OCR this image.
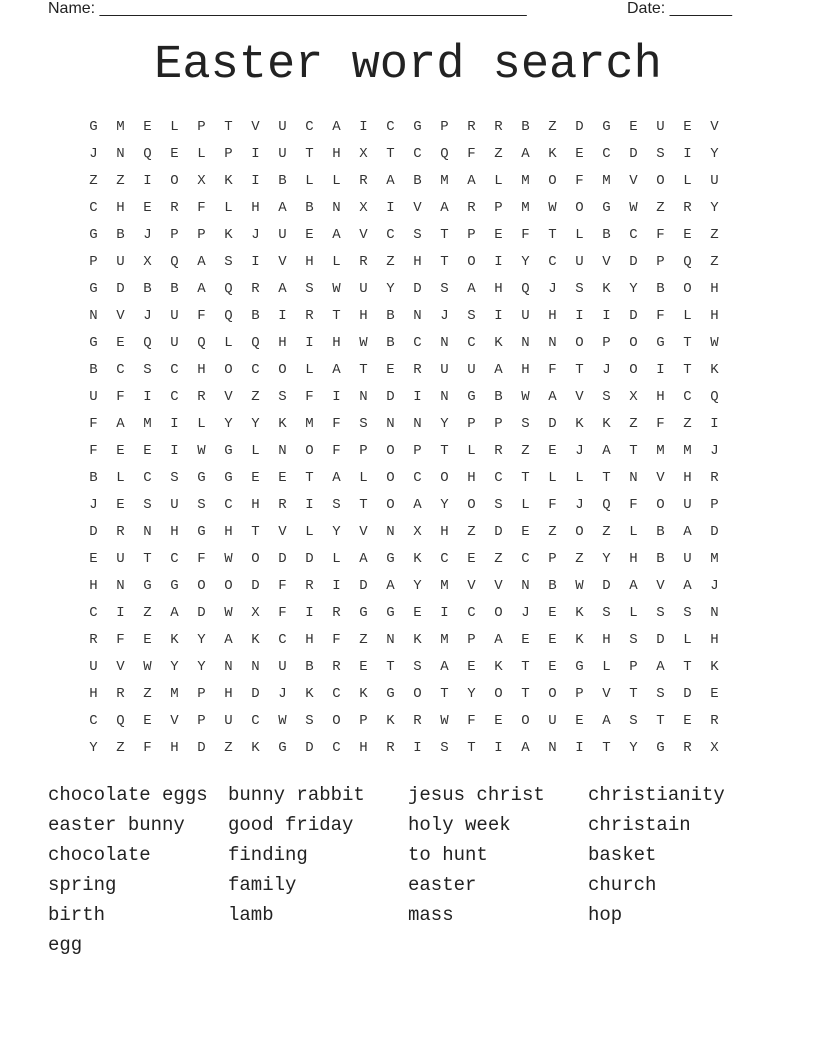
Name: ________________________________________________	Date: _______
Easter word search
G	M	E	L	P	T	V	U	C	A	I	C	G	P	R	R	B	Z	D	G	E	U	E	V
J	N	Q	E	L	P	I	U	T	H	X	T	C	Q	F	Z	A	K	E	C	D	S	I	Y
Z	Z	I	O	X	K	I	B	L	L	R	A	B	M	A	L	M	O	F	M	V	O	L	U
C	H	E	R	F	L	H	A	B	N	X	I	V	A	R	P	M	W	O	G	W	Z	R	Y
G	B	J	P	P	K	J	U	E	A	V	C	S	T	P	E	F	T	L	B	C	F	E	Z
P	U	X	Q	A	S	I	V	H	L	R	Z	H	T	O	I	Y	C	U	V	D	P	Q	Z
G	D	B	B	A	Q	R	A	S	W	U	Y	D	S	A	H	Q	J	S	K	Y	B	O	H
N	V	J	U	F	Q	B	I	R	T	H	B	N	J	S	I	U	H	I	I	D	F	L	H
G	E	Q	U	Q	L	Q	H	I	H	W	B	C	N	C	K	N	N	O	P	O	G	T	W
B	C	S	C	H	O	C	O	L	A	T	E	R	U	U	A	H	F	T	J	O	I	T	K
U	F	I	C	R	V	Z	S	F	I	N	D	I	N	G	B	W	A	V	S	X	H	C	Q
F	A	M	I	L	Y	Y	K	M	F	S	N	N	Y	P	P	S	D	K	K	Z	F	Z	I
F	E	E	I	W	G	L	N	O	F	P	O	P	T	L	R	Z	E	J	A	T	M	M	J
B	L	C	S	G	G	E	E	T	A	L	O	C	O	H	C	T	L	L	T	N	V	H	R
J	E	S	U	S	C	H	R	I	S	T	O	A	Y	O	S	L	F	J	Q	F	O	U	P
D	R	N	H	G	H	T	V	L	Y	V	N	X	H	Z	D	E	Z	O	Z	L	B	A	D
E	U	T	C	F	W	O	D	D	L	A	G	K	C	E	Z	C	P	Z	Y	H	B	U	M
H	N	G	G	O	O	D	F	R	I	D	A	Y	M	V	V	N	B	W	D	A	V	A	J
C	I	Z	A	D	W	X	F	I	R	G	G	E	I	C	O	J	E	K	S	L	S	S	N
R	F	E	K	Y	A	K	C	H	F	Z	N	K	M	P	A	E	E	K	H	S	D	L	H
U	V	W	Y	Y	N	N	U	B	R	E	T	S	A	E	K	T	E	G	L	P	A	T	K
H	R	Z	M	P	H	D	J	K	C	K	G	O	T	Y	O	T	O	P	V	T	S	D	E
C	Q	E	V	P	U	C	W	S	O	P	K	R	W	F	E	O	U	E	A	S	T	E	R
Y	Z	F	H	D	Z	K	G	D	C	H	R	I	S	T	I	A	N	I	T	Y	G	R	X
chocolate eggs	bunny rabbit	jesus christ	christianity
easter bunny	good friday	holy week	christain
chocolate	finding	to hunt	basket
spring	family	easter	church
birth	lamb	mass	hop
egg
